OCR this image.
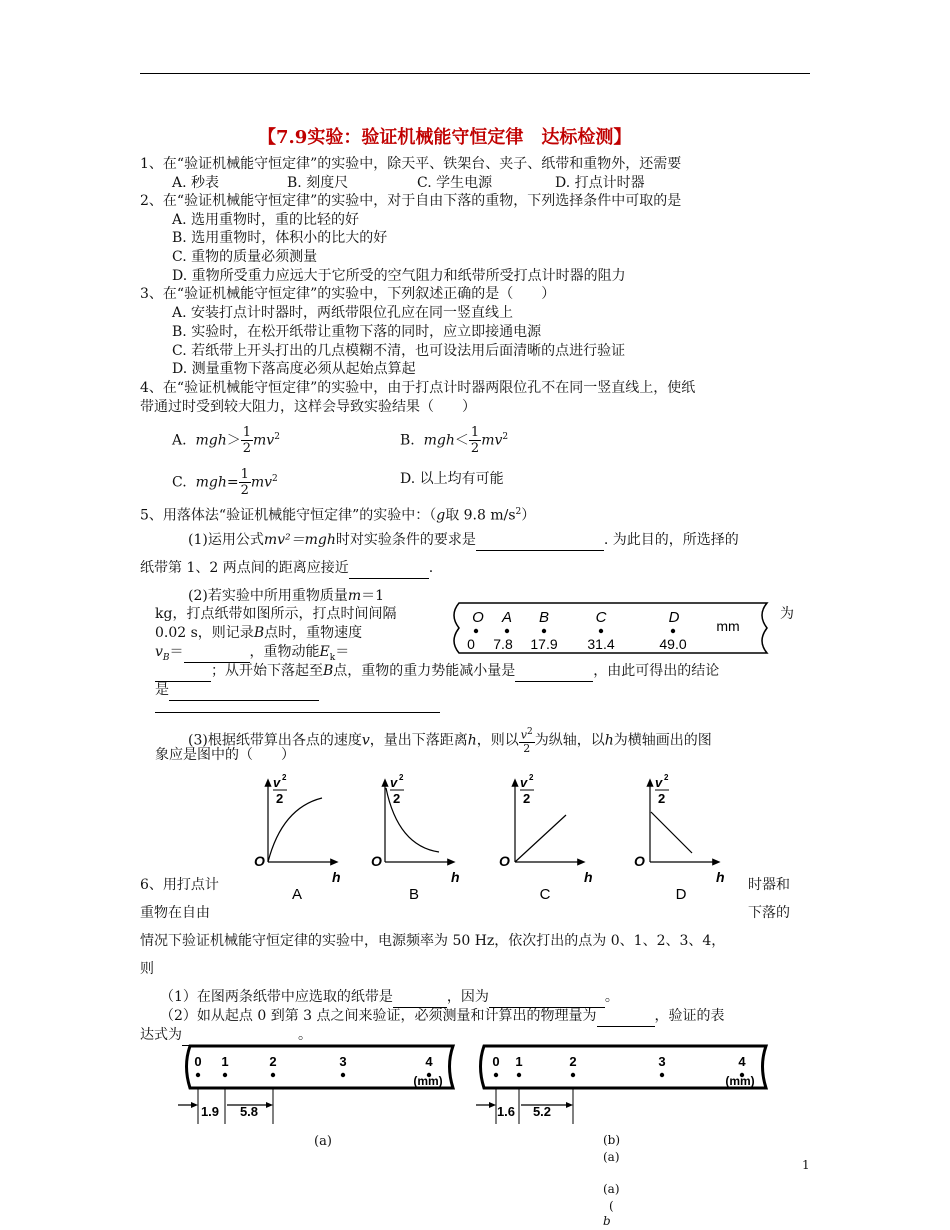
【7.9实验：验证机械能守恒定律　达标检测】
1、在“验证机械能守恒定律”的实验中，除天平、铁架台、夹子、纸带和重物外，还需要
A. 秒表	B. 刻度尺	C. 学生电源	D. 打点计时器
2、在“验证机械能守恒定律”的实验中，对于自由下落的重物，下列选择条件中可取的是
A. 选用重物时，重的比轻的好
B. 选用重物时，体积小的比大的好
C. 重物的质量必须测量
D. 重物所受重力应远大于它所受的空气阻力和纸带所受打点计时器的阻力
3、在“验证机械能守恒定律”的实验中，下列叙述正确的是（　　）
A. 安装打点计时器时，两纸带限位孔应在同一竖直线上
B. 实验时，在松开纸带让重物下落的同时，应立即接通电源
C. 若纸带上开头打出的几点模糊不清，也可设法用后面清晰的点进行验证
D. 测量重物下落高度必须从起始点算起
4、在“验证机械能守恒定律”的实验中，由于打点计时器两限位孔不在同一竖直线上，使纸
带通过时受到较大阻力，这样会导致实验结果（　　）
A. $mgh> \frac{1}{2} mv^2$	B. $mgh< \frac{1}{2} mv^2$
C. $mgh= \frac{1}{2} mv^2$	D. 以上均有可能
5、用落体法“验证机械能守恒定律”的实验中：（g取 9.8 $m/s^2$）
(1)运用公式mv²＝mgh时对实验条件的要求是	. 为此目的，所选择的
纸带第 1、2 两点间的距离应接近	.
(2)若实验中所用重物质量m＝1
为
kg，打点纸带如图所示，打点时间间隔
0.02 s，则记录B点时，重物速度
$v_B=$	，重物动能$E_k=$
；从开始下落起至B点，重物的重力势能减小量是	，由此可得出的结论
是
O A B	C	D
0 7.8 17.9 31.4	49.0
mm
(3)根据纸带算出各点的速度v，量出下落距离h，则以 $\frac{v^2}{2}$ 为纵轴，以h为横轴画出的图
象应是图中的（　　）
v 2
2
O
h
A
v 2
2
O
h
B
v 2
2
O
h
C
v 2
2
O
h
D
6、用打点计	时器和
重物在自由	下落的
情况下验证机械能守恒定律的实验中，电源频率为 50 Hz，依次打出的点为 0、1、2、3、4，
则
（1）在图两条纸带中应选取的纸带是	，因为	。
（2）如从起点 0 到第 3 点之间来验证，必须测量和计算出的物理量为	，验证的表
达式为	。
0 1	2	3	4
(mm)
1.9 5.8
(a)
0 1	2	3	4
(mm)
1.6 5.2
(b)
(a)
(a)
(
b
1
